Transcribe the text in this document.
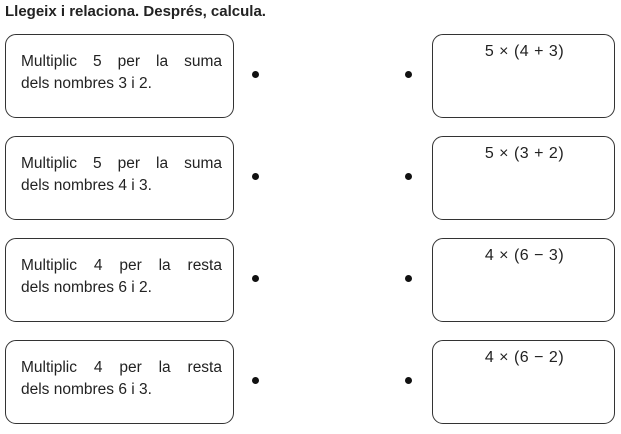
Llegeix i relaciona. Després, calcula.
Multiplic 5 per la suma
dels nombres 3 i 2.
5 × (4 + 3)
Multiplic 5 per la suma
dels nombres 4 i 3.
5 × (3 + 2)
Multiplic 4 per la resta
dels nombres 6 i 2.
4 × (6 − 3)
Multiplic 4 per la resta
dels nombres 6 i 3.
4 × (6 − 2)
